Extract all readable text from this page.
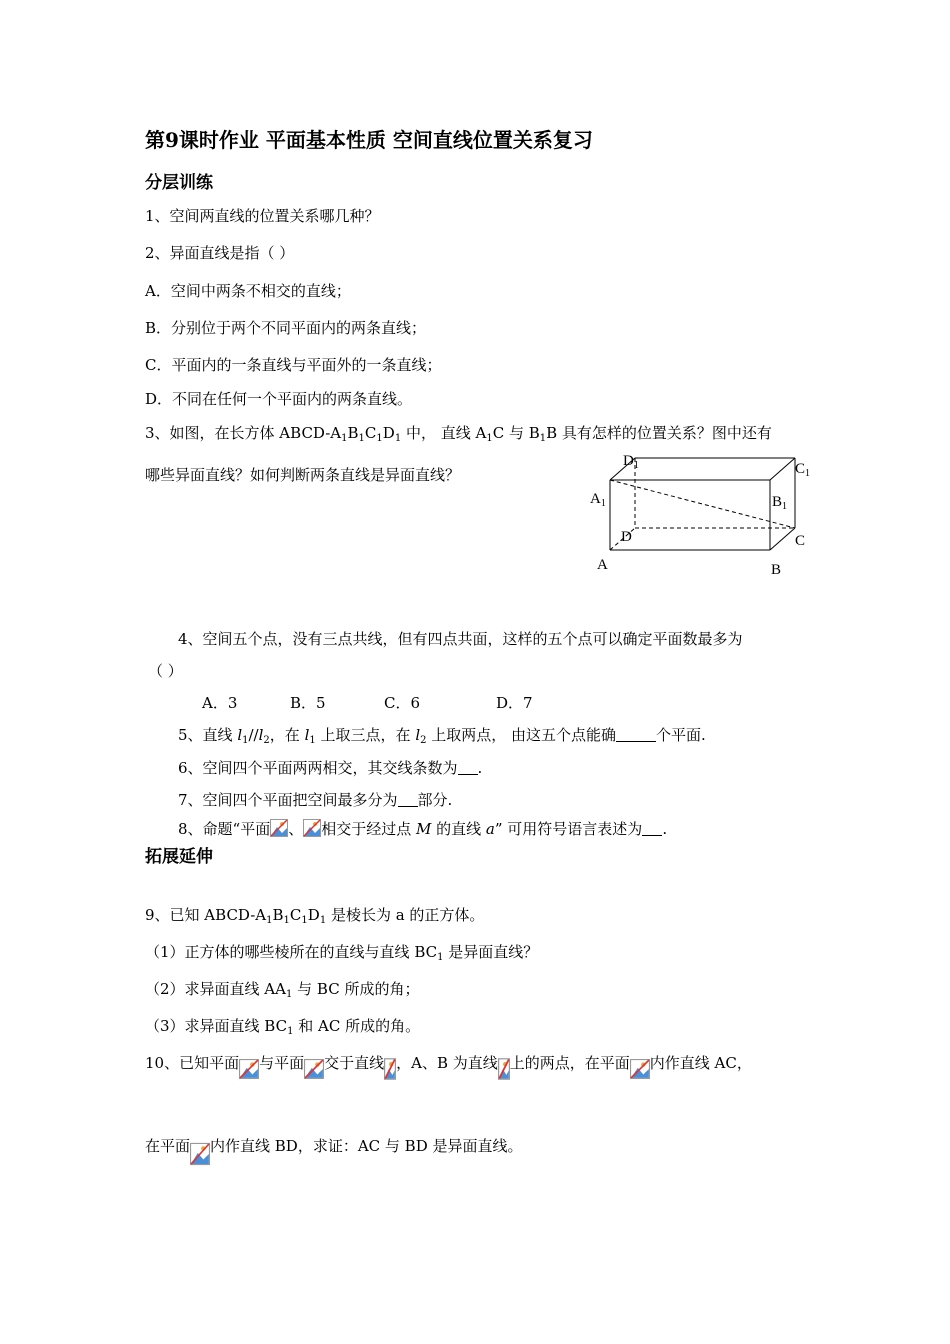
第9课时作业 平面基本性质 空间直线位置关系复习
分层训练
1、空间两直线的位置关系哪几种？
2、异面直线是指（ ）
A．空间中两条不相交的直线；
B．分别位于两个不同平面内的两条直线；
C．平面内的一条直线与平面外的一条直线；
D．不同在任何一个平面内的两条直线。
3、如图，在长方体 ABCD-$A_1B_1C_1D_1$ 中， 直线 $A_1C$ 与 $B_1B$ 具有怎样的位置关系？图中还有
哪些异面直线？如何判断两条直线是异面直线？
$D_1$	$C_1$
$A_1$	$B_1$
D	C
A	B
4、空间五个点，没有三点共线，但有四点共面，这样的五个点可以确定平面数最多为
（ ）
A．3	B．5	C．6	D．7
5、直线 $l_1//l_2$，在 $l_1$ 上取三点，在 $l_2$ 上取两点， 由这五个点能确	个平面.
6、空间四个平面两两相交，其交线条数为 .
7、空间四个平面把空间最多分为 部分.
8、命题“平面 、 相交于经过点 M 的直线 a” 可用符号语言表述为 .
拓展延伸
9、已知 ABCD-$A_1B_1C_1D_1$ 是棱长为 a 的正方体。
（1）正方体的哪些棱所在的直线与直线 $BC_1$ 是异面直线？
（2）求异面直线 $AA_1$ 与 BC 所成的角；
（3）求异面直线 $BC_1$ 和 AC 所成的角。
10、已知平面 与平面 交于直线 ，A、B 为直线 上的两点，在平面 内作直线 AC，
在平面 内作直线 BD，求证：AC 与 BD 是异面直线。
